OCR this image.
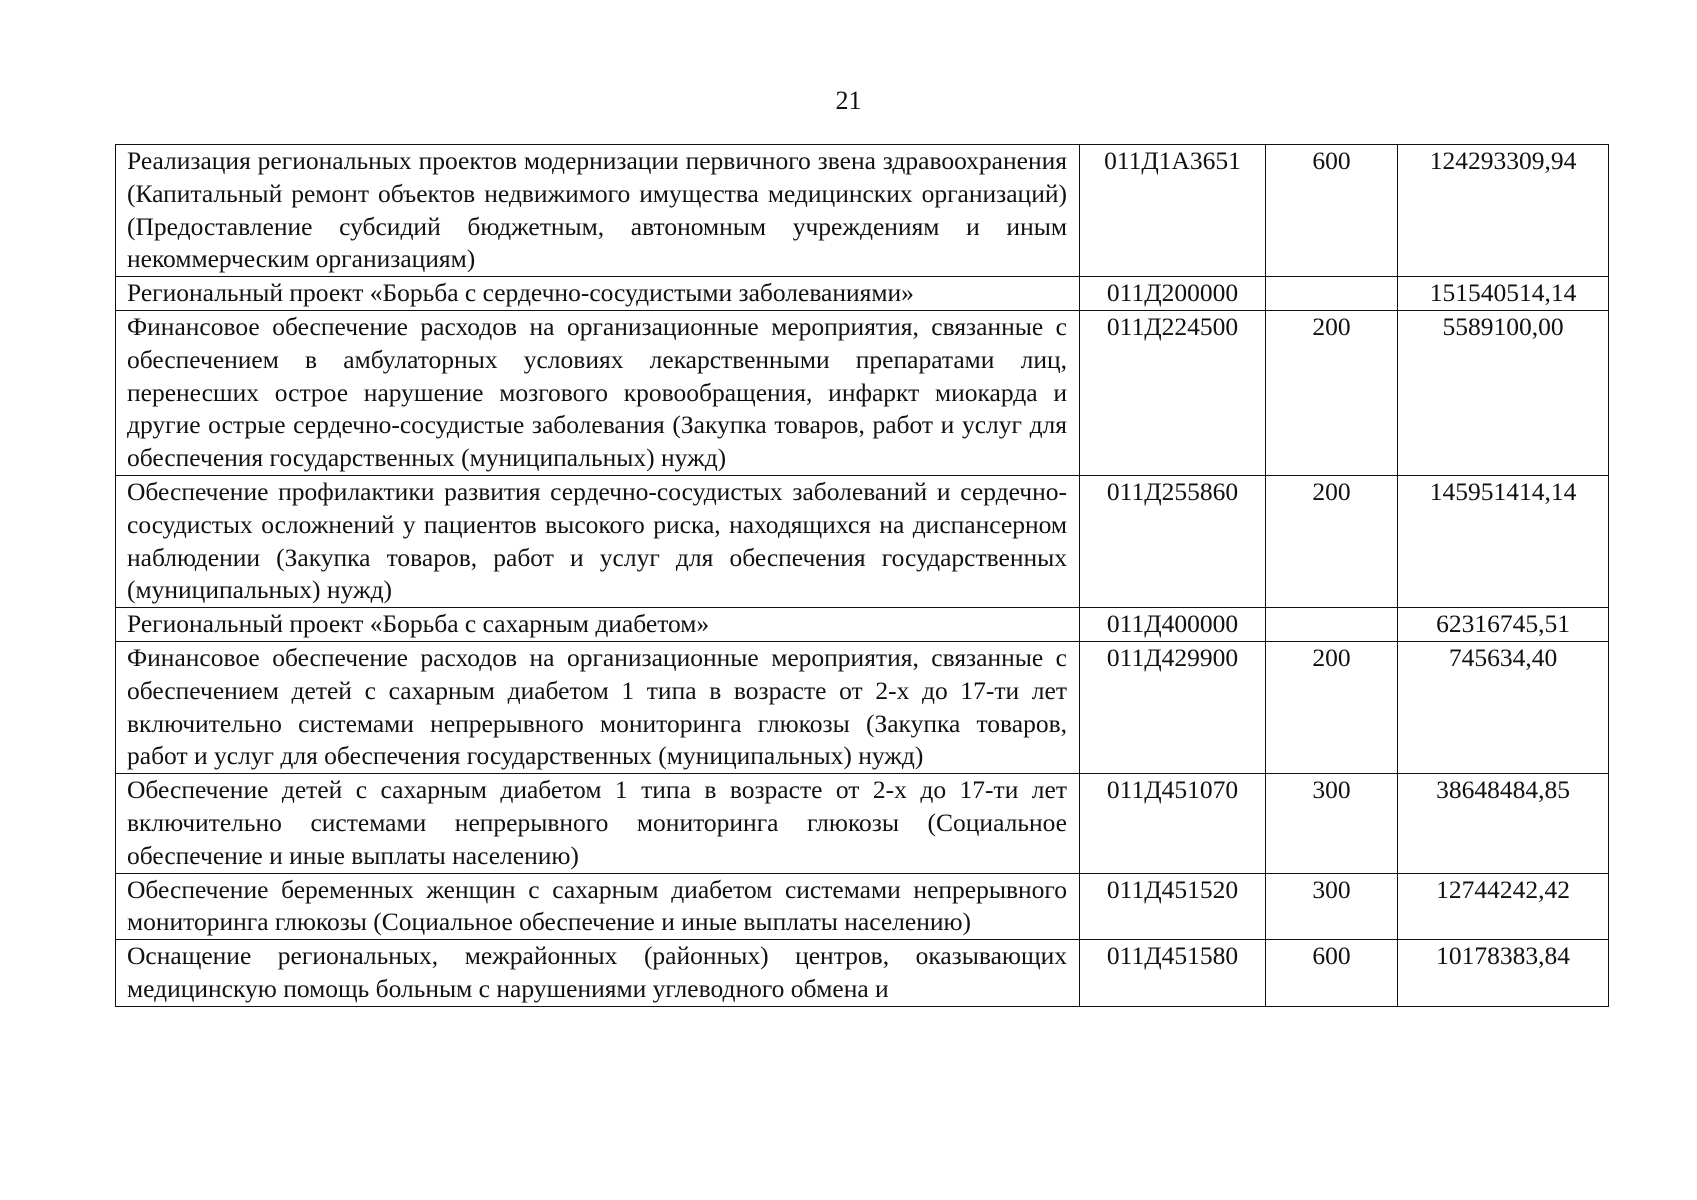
21
Реализация региональных проектов модернизации первичного звена здравоохранения (Капитальный ремонт объектов недвижимого имущества медицинских организаций) (Предоставление субсидий бюджетным, автономным учреждениям и иным некоммерческим организациям)	011Д1А3651	600	124293309,94
Региональный проект «Борьба с сердечно-сосудистыми заболеваниями»	011Д200000		151540514,14
Финансовое обеспечение расходов на организационные мероприятия, связанные с обеспечением в амбулаторных условиях лекарственными препаратами лиц, перенесших острое нарушение мозгового кровообращения, инфаркт миокарда и другие острые сердечно-сосудистые заболевания (Закупка товаров, работ и услуг для обеспечения государственных (муниципальных) нужд)	011Д224500	200	5589100,00
Обеспечение профилактики развития сердечно-сосудистых заболеваний и сердечно-сосудистых осложнений у пациентов высокого риска, находящихся на диспансерном наблюдении (Закупка товаров, работ и услуг для обеспечения государственных (муниципальных) нужд)	011Д255860	200	145951414,14
Региональный проект «Борьба с сахарным диабетом»	011Д400000		62316745,51
Финансовое обеспечение расходов на организационные мероприятия, связанные с обеспечением детей с сахарным диабетом 1 типа в возрасте от 2-х до 17-ти лет включительно системами непрерывного мониторинга глюкозы (Закупка товаров, работ и услуг для обеспечения государственных (муниципальных) нужд)	011Д429900	200	745634,40
Обеспечение детей с сахарным диабетом 1 типа в возрасте от 2-х до 17-ти лет включительно системами непрерывного мониторинга глюкозы (Социальное обеспечение и иные выплаты населению)	011Д451070	300	38648484,85
Обеспечение беременных женщин с сахарным диабетом системами непрерывного мониторинга глюкозы (Социальное обеспечение и иные выплаты населению)	011Д451520	300	12744242,42
Оснащение региональных, межрайонных (районных) центров, оказывающих медицинскую помощь больным с нарушениями углеводного обмена и	011Д451580	600	10178383,84
